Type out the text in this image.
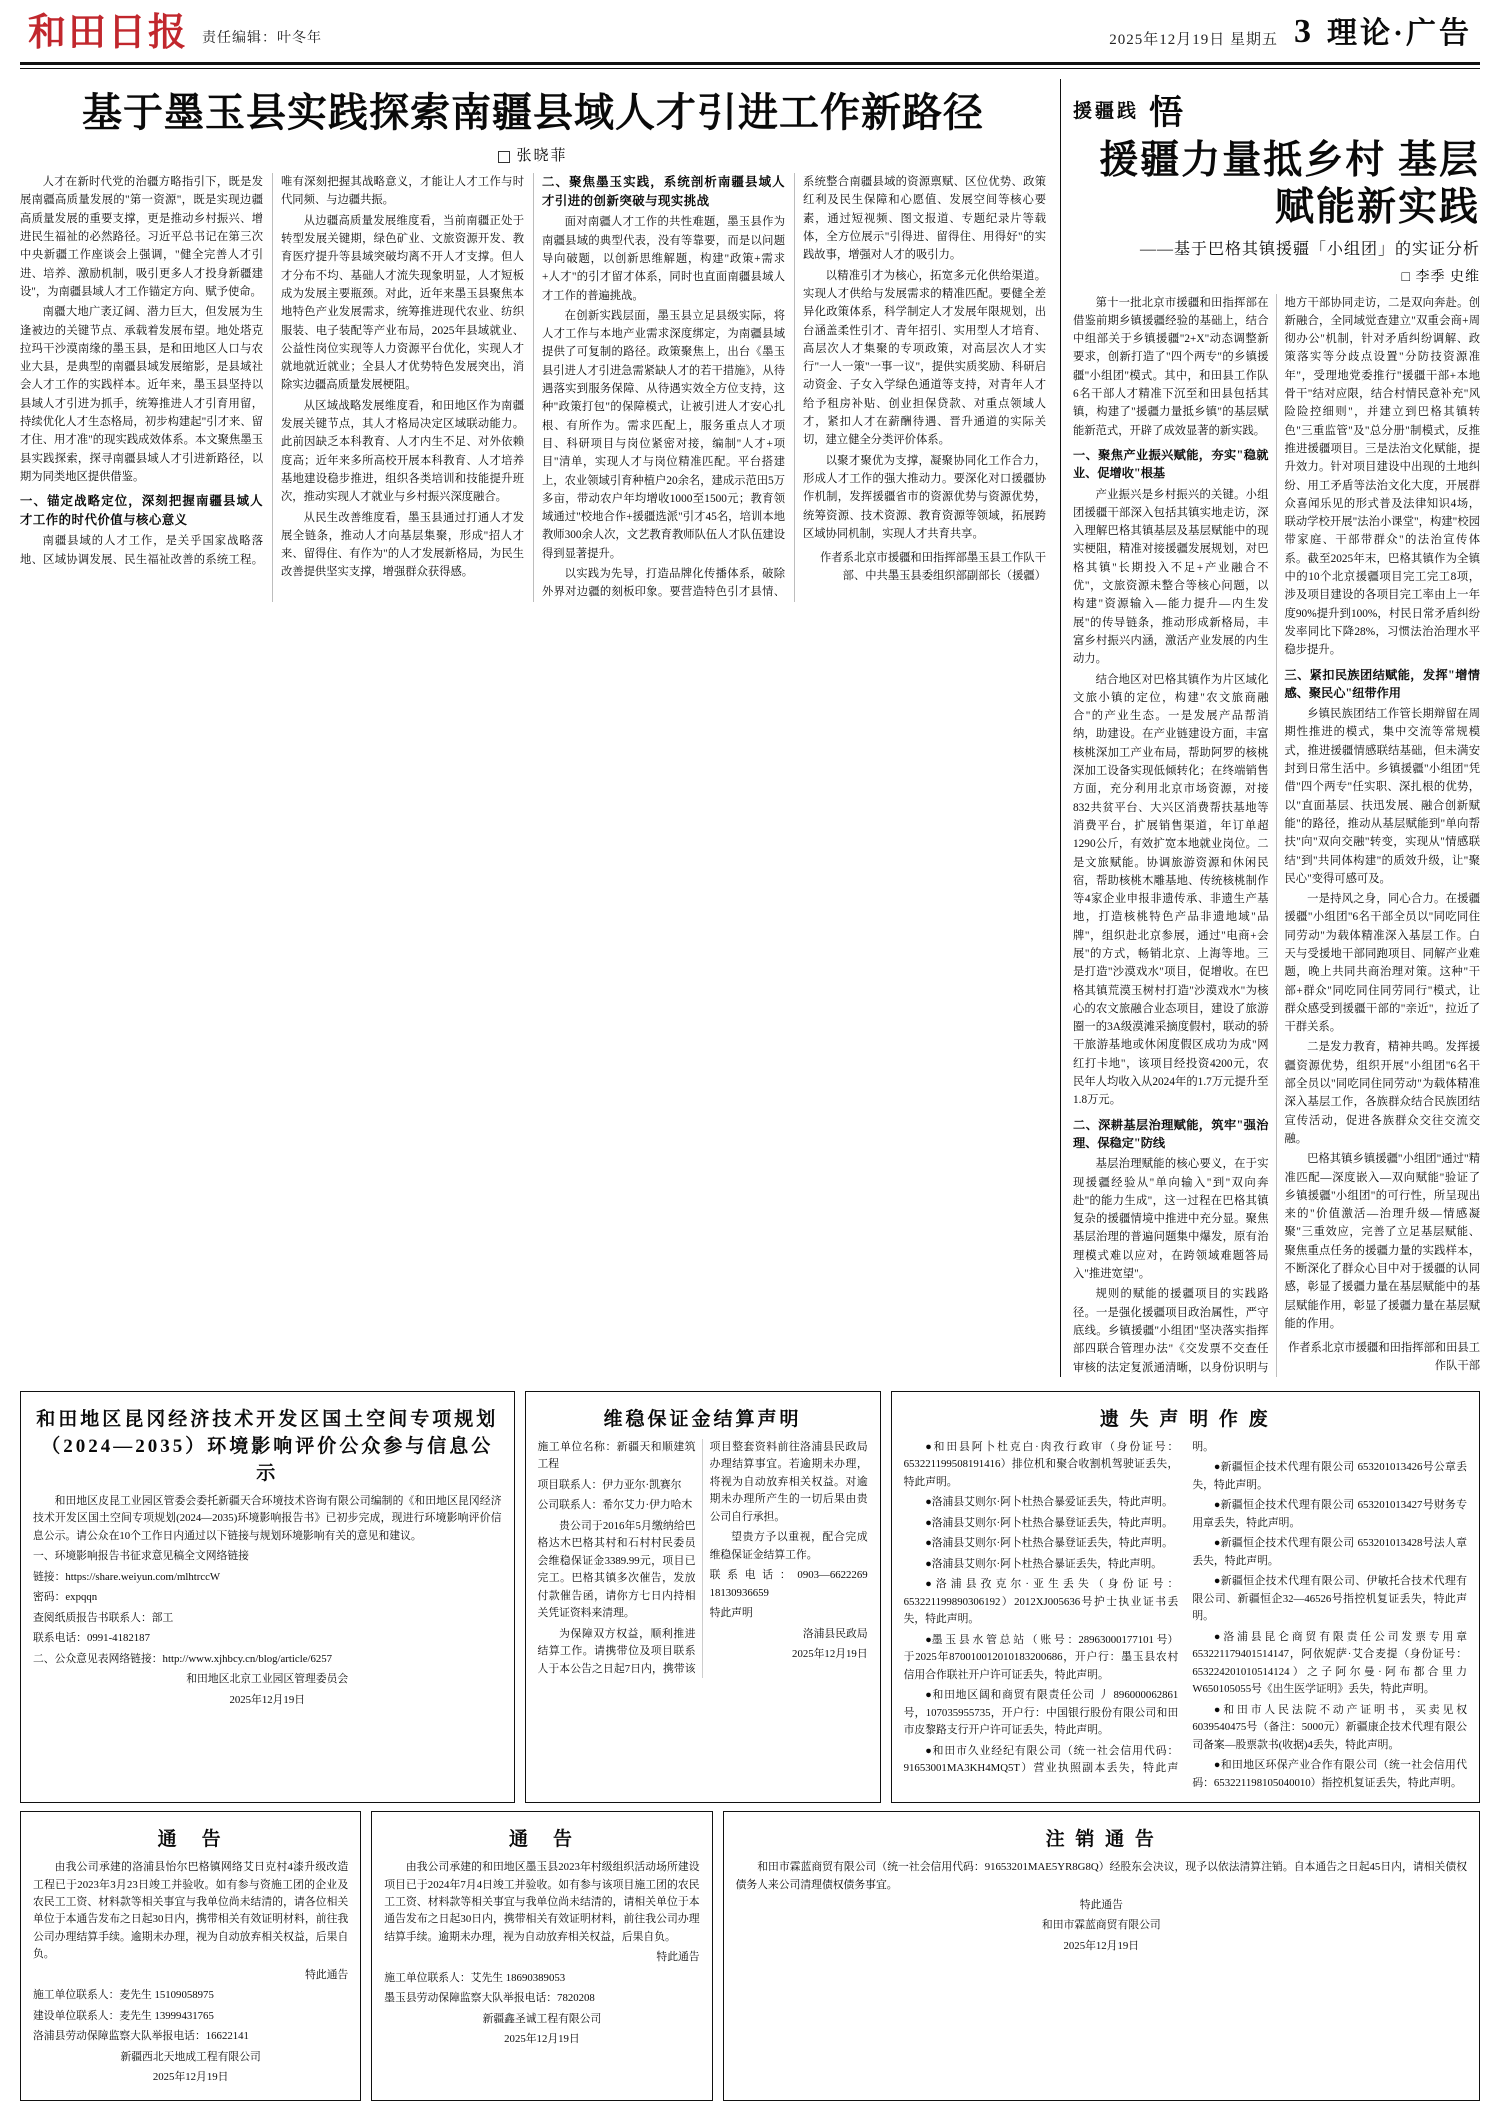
和田日报 责任编辑：叶冬年	2025年12月19日 星期五 3 理论·广告
基于墨玉县实践探索南疆县域人才引进工作新路径
张晓菲

人才在新时代党的治疆方略指引下，既是发展南疆高质量发展的"第一资源"，既是实现边疆高质量发展的重要支撑，更是推动乡村振兴、增进民生福祉的必然路径。习近平总书记在第三次中央新疆工作座谈会上强调，"健全完善人才引进、培养、激励机制，吸引更多人才投身新疆建设"，为南疆县域人才工作锚定方向、赋予使命。

南疆大地广袤辽阔、潜力巨大，但发展为生逢被边的关键节点、承载着发展布望。地处塔克拉玛干沙漠南缘的墨玉县，是和田地区人口与农业大县，是典型的南疆县域发展缩影，是县域社会人才工作的实践样本。近年来，墨玉县坚持以县域人才引进为抓手，统筹推进人才引育用留，持续优化人才生态格局，初步构建起"引才来、留才住、用才准"的现实践成效体系。本文聚焦墨玉县实践探索，探寻南疆县域人才引进新路径，以期为同类地区提供借鉴。

一、锚定战略定位，深刻把握南疆县域人才工作的时代价值与核心意义

南疆县域的人才工作，是关乎国家战略落地、区域协调发展、民生福祉改善的系统工程。唯有深刻把握其战略意义，才能让人才工作与时代同频、与边疆共振。

从边疆高质量发展维度看，当前南疆正处于转型发展关键期，绿色矿业、文旅资源开发、教育医疗提升等县域突破均离不开人才支撑。但人才分布不均、基础人才流失现象明显，人才短板成为发展主要瓶颈。对此，近年来墨玉县聚焦本地特色产业发展需求，统筹推进现代农业、纺织服装、电子装配等产业布局，2025年县域就业、公益性岗位实现等人力资源平台优化，实现人才就地就近就业；全县人才优势特色发展突出，消除实边疆高质量发展梗阻。

从区域战略发展维度看，和田地区作为南疆发展关键节点，其人才格局决定区域联动能力。此前因缺乏本科教育、人才内生不足、对外依赖度高；近年来多所高校开展本科教育、人才培养基地建设稳步推进，组织各类培训和技能提升班次，推动实现人才就业与乡村振兴深度融合。

从民生改善维度看，墨玉县通过打通人才发展全链条，推动人才向基层集聚，形成"招人才来、留得住、有作为"的人才发展新格局，为民生改善提供坚实支撑，增强群众获得感。

二、聚焦墨玉实践，系统剖析南疆县域人才引进的创新突破与现实挑战

面对南疆人才工作的共性难题，墨玉县作为南疆县域的典型代表，没有等靠要，而是以问题导向破题，以创新思维解题，构建"政策+需求+人才"的引才留才体系，同时也直面南疆县域人才工作的普遍挑战。

在创新实践层面，墨玉县立足县级实际，将人才工作与本地产业需求深度绑定，为南疆县域提供了可复制的路径。政策聚焦上，出台《墨玉县引进人才引进急需紧缺人才的若干措施》，从待遇落实到服务保障、从待遇实效全方位支持，这种"政策打包"的保障模式，让被引进人才安心扎根、有所作为。需求匹配上，服务重点人才项目、科研项目与岗位紧密对接，编制"人才+项目"清单，实现人才与岗位精准匹配。平台搭建上，农业领域引育种植户20余名，建成示范田5万多亩，带动农户年均增收1000至1500元；教育领域通过"校地合作+援疆选派"引才45名，培训本地教师300余人次，文艺教育教师队伍人才队伍建设得到显著提升。

以实践为先导，打造品牌化传播体系，破除外界对边疆的刻板印象。要营造特色引才县情、系统整合南疆县域的资源禀赋、区位优势、政策红利及民生保障和心愿值、发展空间等核心要素，通过短视频、图文报道、专题纪录片等载体，全方位展示"引得进、留得住、用得好"的实践故事，增强对人才的吸引力。

以精准引才为核心，拓宽多元化供给渠道。实现人才供给与发展需求的精准匹配。要健全差异化政策体系，科学制定人才发展年限规划，出台涵盖柔性引才、青年招引、实用型人才培育、高层次人才集聚的专项政策，对高层次人才实行"一人一策"一事一议"，提供实质奖励、科研启动资金、子女入学绿色通道等支持，对青年人才给予租房补贴、创业担保贷款、对重点领域人才，紧扣人才在薪酬待遇、晋升通道的实际关切，建立健全分类评价体系。

以聚才聚优为支撑，凝聚协同化工作合力，形成人才工作的强大推动力。要深化对口援疆协作机制，发挥援疆省市的资源优势与资源优势，统筹资源、技术资源、教育资源等领域，拓展跨区域协同机制，实现人才共育共享。

作者系北京市援疆和田指挥部墨玉县工作队干部、中共墨玉县委组织部副部长（援疆）
援疆践 悟
援疆力量抵乡村 基层赋能新实践
——基于巴格其镇援疆「小组团」的实证分析
□ 李季 史维

第十一批北京市援疆和田指挥部在借鉴前期乡镇援疆经验的基础上，结合中组部关于乡镇援疆"2+X"动态调整新要求，创新打造了"四个两专"的乡镇援疆"小组团"模式。其中，和田县工作队6名干部人才精准下沉至和田县包括其镇，构建了"援疆力量抵乡镇"的基层赋能新范式，开辟了成效显著的新实践。

一、聚焦产业振兴赋能，夯实"稳就业、促增收"根基

产业振兴是乡村振兴的关键。小组团援疆干部深入包括其镇实地走访，深入理解巴格其镇基层及基层赋能中的现实梗阻，精准对接援疆发展规划，对巴格其镇"长期投入不足+产业融合不优"，文旅资源未整合等核心问题，以构建"资源输入—能力提升—内生发展"的传导链条，推动形成新格局，丰富乡村振兴内涵，激活产业发展的内生动力。

结合地区对巴格其镇作为片区域化文旅小镇的定位，构建"农文旅商融合"的产业生态。一是发展产品帮消纳，助建设。在产业链建设方面，丰富核桃深加工产业布局，帮助阿罗的核桃深加工设备实现低倾转化；在终端销售方面，充分利用北京市场资源，对接832共贫平台、大兴区消费帮扶基地等消费平台，扩展销售渠道，年订单超1290公斤，有效扩宽本地就业岗位。二是文旅赋能。协调旅游资源和休闲民宿，帮助核桃木雕基地、传统核桃制作等4家企业申报非遗传承、非遗生产基地，打造核桃特色产品非遗地域"品牌"，组织赴北京参展，通过"电商+会展"的方式，畅销北京、上海等地。三是打造"沙漠戏水"项目，促增收。在巴格其镇荒漠玉树村打造"沙漠戏水"为核心的农文旅融合业态项目，建设了旅游圈一的3A级漠滩采摘度假村，联动的骄干旅游基地或休闲度假区成功为成"网红打卡地"，该项目经投资4200元，农民年人均收入从2024年的1.7万元提升至1.8万元。

二、深耕基层治理赋能，筑牢"强治理、保稳定"防线

基层治理赋能的核心要义，在于实现援疆经验从"单向输入"到"双向奔赴"的能力生成"，这一过程在巴格其镇复杂的援疆情境中推进中充分显。聚焦基层治理的普遍问题集中爆发，原有治理模式难以应对，在跨领域难题答局入"推进宽望"。

规则的赋能的援疆项目的实践路径。一是强化援疆项目政治属性，严守底线。乡镇援疆"小组团"坚决落实指挥部四联合管理办法"《交发票不交查任审核的法定复派通清晰，以身份识明与地方干部协同走访，二是双向奔赴。创新融合，全同域觉查建立"双重会商+周彻办公"机制，针对矛盾纠纷调解、政策落实等分歧点设置"分防技资源准年"，受理地党委推行"援疆干部+本地骨干"结对应限，结合村情民意补充"风险险控细则"，并建立到巴格其镇转色"三重监管"及"总分册"制模式，反推推进援疆项目。三是法治文化赋能，提升效力。针对项目建设中出现的土地纠纷、用工矛盾等法治文化大度，开展群众喜闻乐见的形式普及法律知识4场，联动学校开展"法治小课堂"，构建"校园带家庭、干部带群众"的法治宣传体系。截至2025年末，巴格其镇作为全镇中的10个北京援疆项目完工完工8项，涉及项目建设的各项目完工率由上一年度90%提升到100%，村民日常矛盾纠纷发率同比下降28%，习惯法治治理水平稳步提升。

三、紧扣民族团结赋能，发挥"增情感、聚民心"纽带作用

乡镇民族团结工作管长期辩留在周期性推进的模式，集中交流等常规模式，推进援疆情感联结基础，但未满安封到日常生活中。乡镇援疆"小组团"凭借"四个两专"任实职、深扎根的优势，以"直面基层、扶迅发展、融合创新赋能"的路径，推动从基层赋能到"单向帮扶"向"双向交融"转变，实现从"情感联结"到"共同体构建"的质效升级，让"聚民心"变得可感可及。

一是持风之身，同心合力。在援疆援疆"小组团"6名干部全员以"同吃同住同劳动"为载体精准深入基层工作。白天与受援地干部同跑项目、同解产业难题，晚上共同共商治理对策。这种"干部+群众"同吃同住同劳同行"模式，让群众感受到援疆干部的"亲近"，拉近了干群关系。

二是发力教育，精神共鸣。发挥援疆资源优势，组织开展"小组团"6名干部全员以"同吃同住同劳动"为载体精准深入基层工作，各族群众结合民族团结宣传活动，促进各族群众交往交流交融。

巴格其镇乡镇援疆"小组团"通过"精准匹配—深度嵌入—双向赋能"验证了乡镇援疆"小组团"的可行性，所呈现出来的"价值激活—治理升级—情感凝聚"三重效应，完善了立足基层赋能、聚焦重点任务的援疆力量的实践样本，不断深化了群众心目中对于援疆的认同感，彰显了援疆力量在基层赋能中的基层赋能作用，彰显了援疆力量在基层赋能的作用。

作者系北京市援疆和田指挥部和田县工作队干部
和田地区昆冈经济技术开发区国土空间专项规划
（2024—2035）环境影响评价公众参与信息公示

和田地区皮昆工业园区管委会委托新疆天合环境技术咨询有限公司编制的《和田地区昆冈经济技术开发区国土空间专项规划(2024—2035)环境影响报告书》已初步完成，现进行环境影响评价信息公示。请公众在10个工作日内通过以下链接与规划环境影响有关的意见和建议。

一、环境影响报告书征求意见稿全文网络链接

链接：https://share.weiyun.com/mlhtrccW

密码：expqqn

查阅纸质报告书联系人：部工

联系电话：0991-4182187

二、公众意见表网络链接：http://www.xjhbcy.cn/blog/article/6257

和田地区北京工业园区管理委员会

2025年12月19日

维稳保证金结算声明

施工单位名称：新疆天和顺建筑工程

项目联系人：伊力亚尔·凯赛尔

公司联系人：希尔艾力·伊力哈木

贵公司于2016年5月缴纳给巴格达木巴格其村和石村村民委员会维稳保证金3389.99元，项目已完工。巴格其镇多次催告，发放付款催告函，请你方七日内持相关凭证资料来清理。

为保障双方权益，顺利推进结算工作。请携带位及项目联系人于本公告之日起7日内，携带该项目整套资料前往洛浦县民政局办理结算事宜。若逾期未办理，将视为自动放弃相关权益。对逾期未办理所产生的一切后果由贵公司自行承担。

望贵方予以重视，配合完成维稳保证金结算工作。

联系电话：0903—6622269 18130936659

特此声明

洛浦县民政局

2025年12月19日

遗 失 声 明 作 废

●和田县阿卜杜克白·肉孜行政审（身份证号：653221199508191416）排位机和聚合收割机驾驶证丢失，特此声明。

●洛浦县艾则尔·阿卜杜热合暴爱证丢失，特此声明。

●洛浦县艾则尔·阿卜杜热合暴登证丢失，特此声明。

●洛浦县艾则尔·阿卜杜热合暴登证丢失，特此声明。

●洛浦县艾则尔·阿卜杜热合暴证丢失，特此声明。

●洛浦县孜克尔·亚生丢失（身份证号：653221199890306192）2012XJ005636号护士执业证书丢失，特此声明。

●墨 玉 县 水 管 总 站 （ 账 号 ：28963000177101 号）于2025年870010012010183200686，开户行：墨玉县农村信用合作联社开户许可证丢失，特此声明。

●和田地区阔和商贸有限责任公司 丿 896000062861 号，107035955735，开户行：中国银行股份有限公司和田市皮黎路支行开户许可证丢失，特此声明。

●和田市久业经纪有限公司（统一社会信用代码：91653001MA3KH4MQ5T）营业执照副本丢失，特此声明。

●新疆恒企技术代理有限公司 653201013426号公章丢失，特此声明。

●新疆恒企技术代理有限公司 653201013427号财务专用章丢失，特此声明。

●新疆恒企技术代理有限公司 653201013428号法人章丢失，特此声明。

●新疆恒企技术代理有限公司、伊敏托合技术代理有限公司、新疆恒企32—46526号指控机复证丢失，特此声明。

●洛浦县昆仑商贸有限责任公司发票专用章 653221179401514147，阿依妮萨·艾合麦提（身份证号：653224201010514124）之子阿尔曼·阿布都合里力W650105055号《出生医学证明》丢失，特此声明。

●和田市人民法院不动产证明书，买卖见权 6039540475号（备注：5000元）新疆康企技术代理有限公司备案—股票款书(收据)4丢失，特此声明。

●和田地区环保产业合作有限公司（统一社会信用代码：653221198105040010）指控机复证丢失，特此声明。

通　告

由我公司承建的洛浦县怡尔巴格镇网络艾日克村4漆升级改造工程已于2023年3月23日竣工并验收。如有参与资施工团的企业及农民工工资、材料款等相关事宜与我单位尚未结清的，请各位相关单位于本通告发布之日起30日内，携带相关有效证明材料，前往我公司办理结算手续。逾期未办理，视为自动放弃相关权益，后果自负。

特此通告

施工单位联系人：麦先生 15109058975

建设单位联系人：麦先生 13999431765

洛浦县劳动保障监察大队举报电话：16622141

新疆西北天地成工程有限公司

2025年12月19日

通　告

由我公司承建的和田地区墨玉县2023年村级组织活动场所建设项目已于2024年7月4日竣工并验收。如有参与该项目施工团的农民工工资、材料款等相关事宜与我单位尚未结清的，请相关单位于本通告发布之日起30日内，携带相关有效证明材料，前往我公司办理结算手续。逾期未办理，视为自动放弃相关权益，后果自负。

特此通告

施工单位联系人：艾先生 18690389053

墨玉县劳动保障监察大队举报电话：7820208

新疆鑫圣诚工程有限公司

2025年12月19日

注 销 通 告

和田市霖蓝商贸有限公司（统一社会信用代码：91653201MAE5YR8G8Q）经股东会决议，现予以依法清算注销。自本通告之日起45日内，请相关债权债务人来公司清理债权债务事宜。

特此通告

和田市霖蓝商贸有限公司

2025年12月19日
